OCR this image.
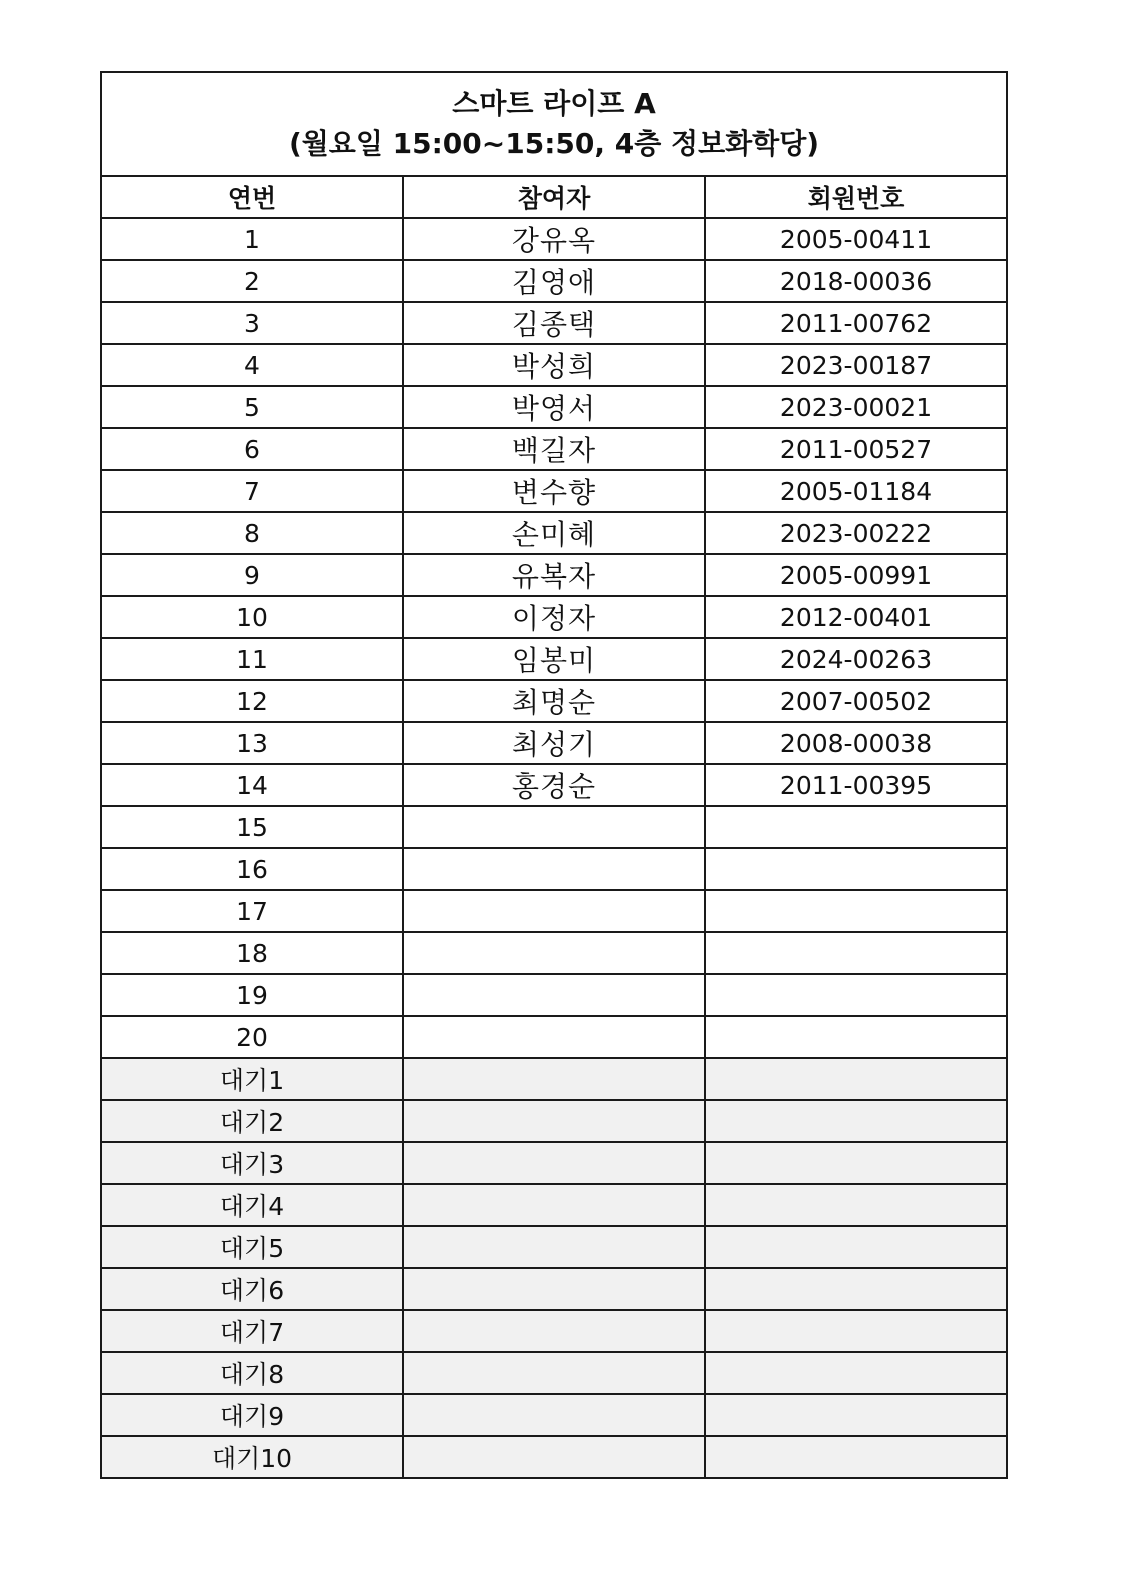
스마트 라이프 A
(월요일 15:00~15:50, 4층 정보화학당)		

연번	참여자	회원번호
1	강유옥	2005-00411
2	김영애	2018-00036
3	김종택	2011-00762
4	박성희	2023-00187
5	박영서	2023-00021
6	백길자	2011-00527
7	변수향	2005-01184
8	손미혜	2023-00222
9	유복자	2005-00991
10	이정자	2012-00401
11	임봉미	2024-00263
12	최명순	2007-00502
13	최성기	2008-00038
14	홍경순	2011-00395
15		
16		
17		
18		
19		
20		
대기1		
대기2		
대기3		
대기4		
대기5		
대기6		
대기7		
대기8		
대기9		
대기10		
